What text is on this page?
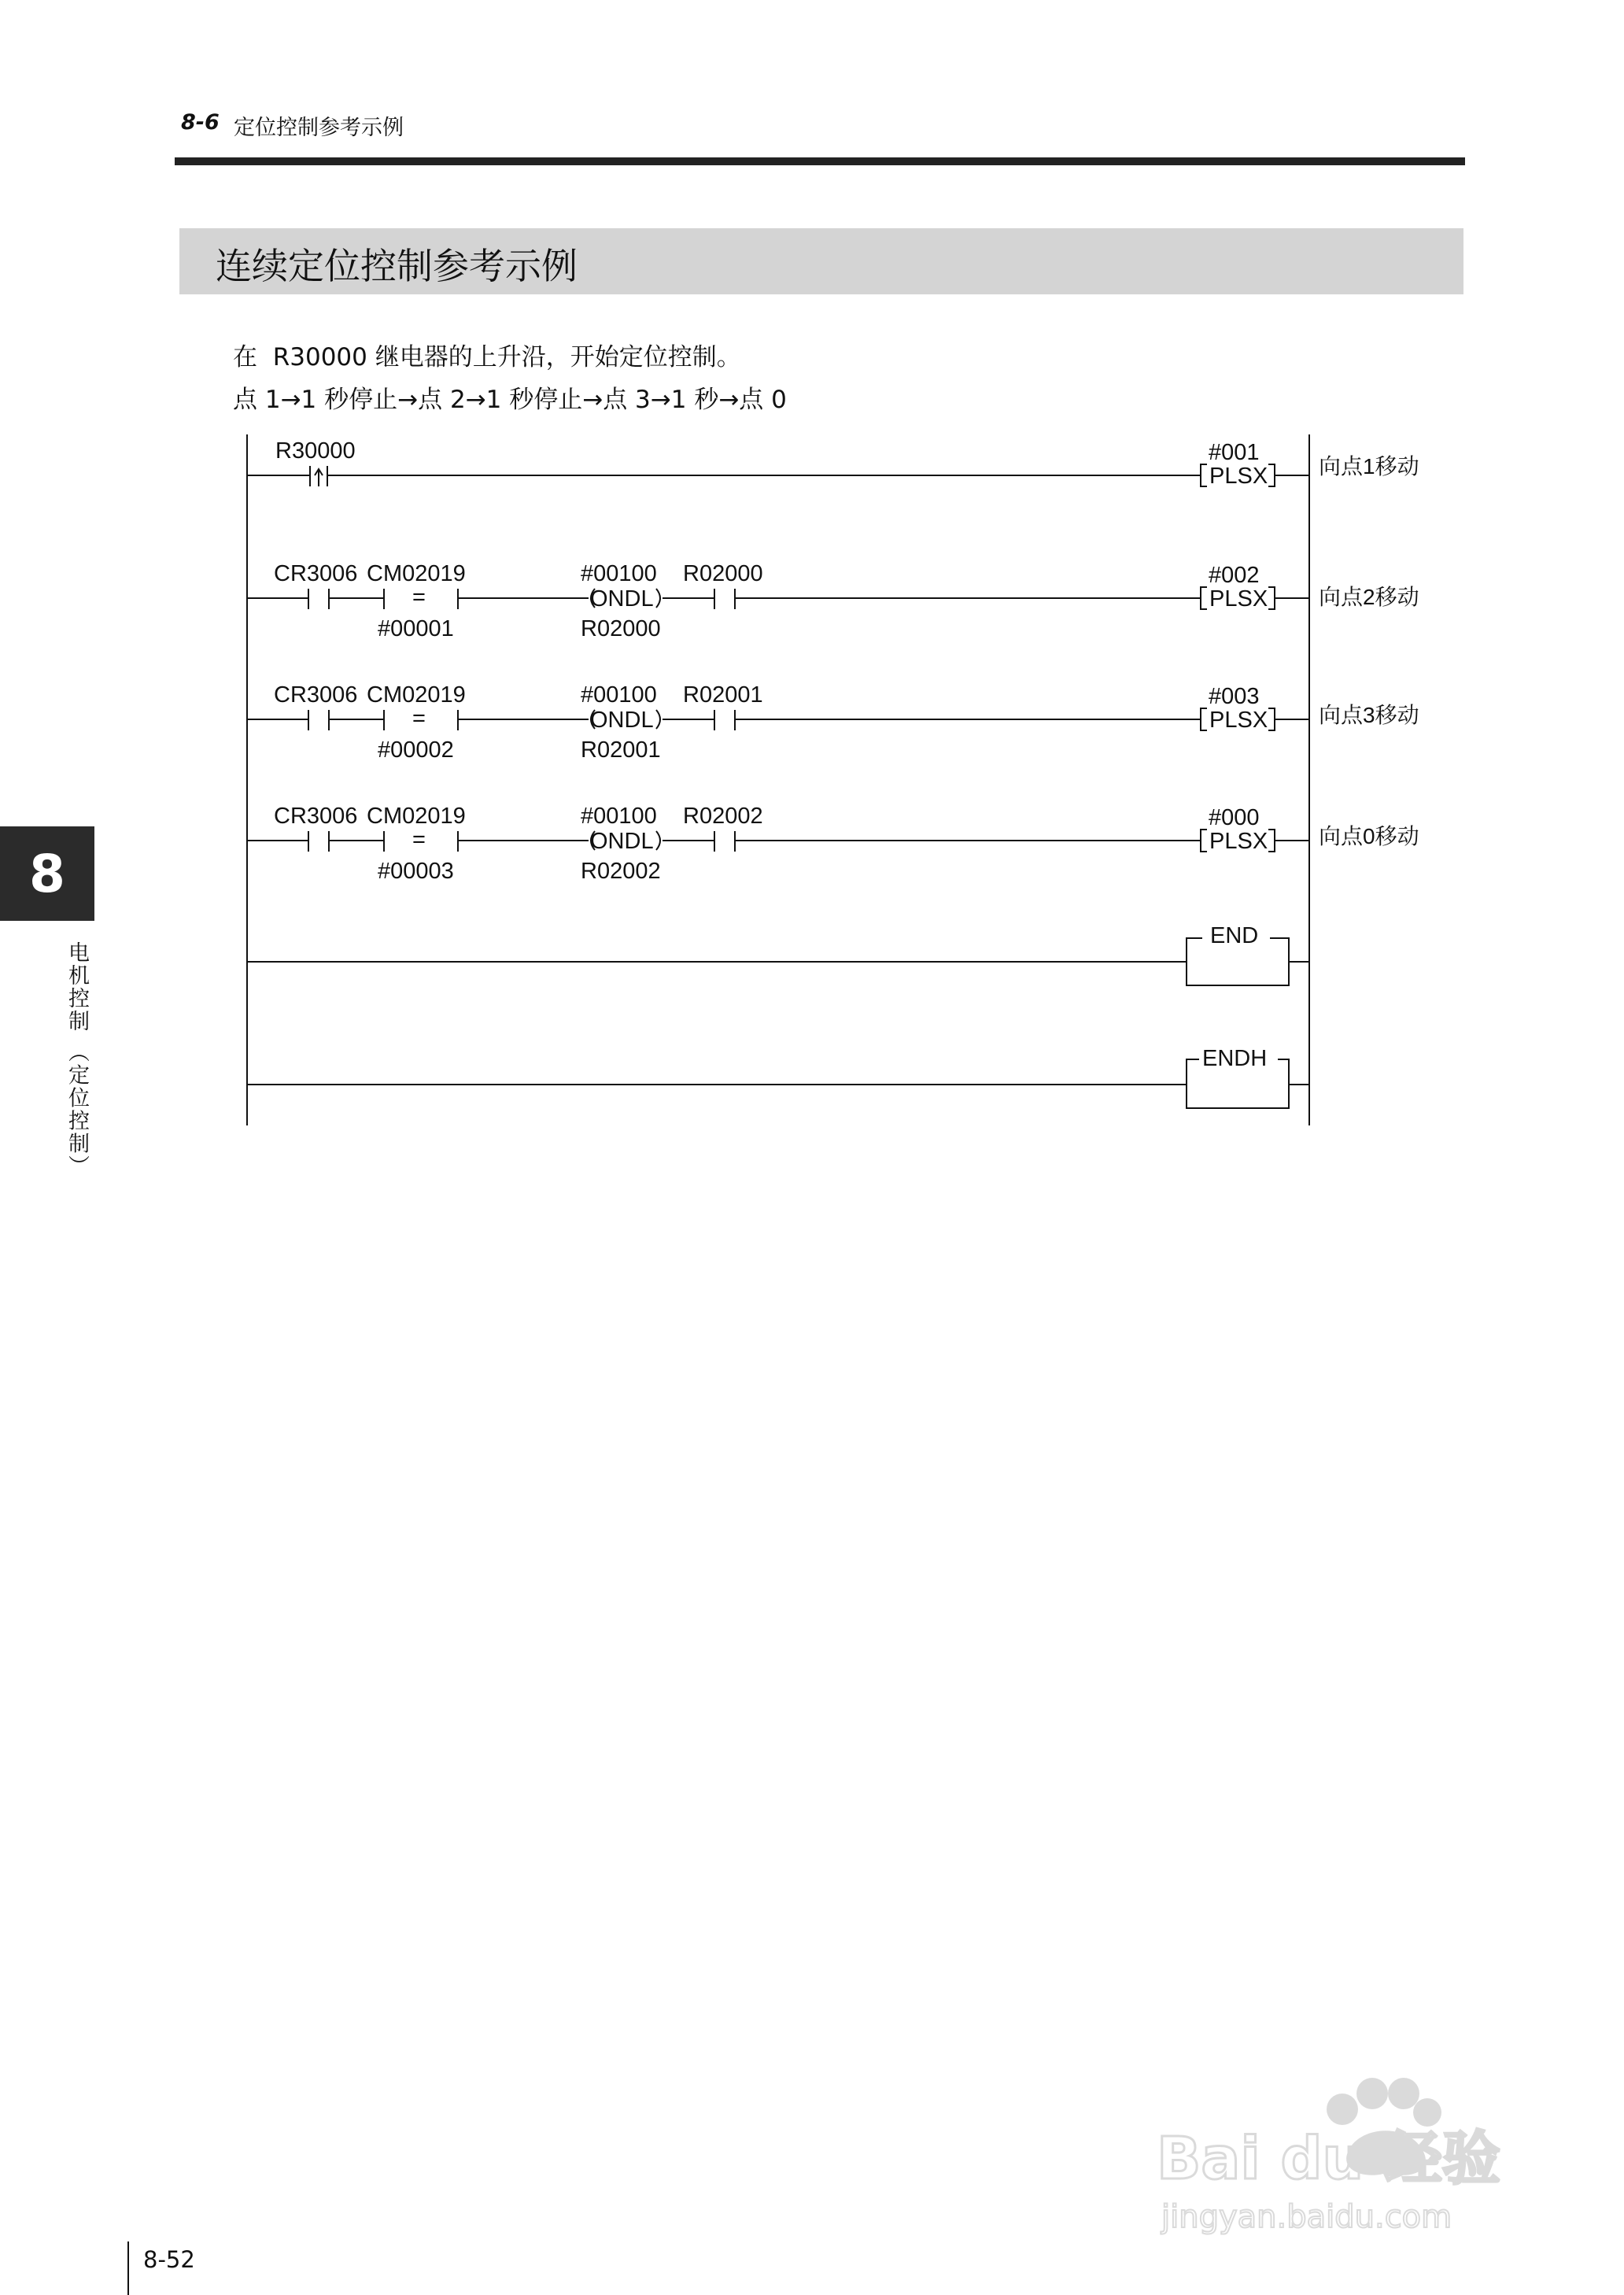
8-6 定位控制参考示例
连续定位控制参考示例
在  R30000 继电器的上升沿，开始定位控制。
点 1→1 秒停止→点 2→1 秒停止→点 3→1 秒→点 0
R30000	#001
PLSX
CR3006 CM02019
=
#00001
#00100
ONDL
R02000
R02000	#002
PLSX
CR3006 CM02019
=
#00002
#00100
ONDL
R02001
R02001	#003
PLSX
CR3006 CM02019
=
#00003
#00100
ONDL
R02002
R02002	#000
PLSX
END
ENDH
向点1移动
向点2移动
向点3移动
向点0移动
8
电机控制 （定位控制）
8-52
Bai du 经验
jingyan.baidu.com
